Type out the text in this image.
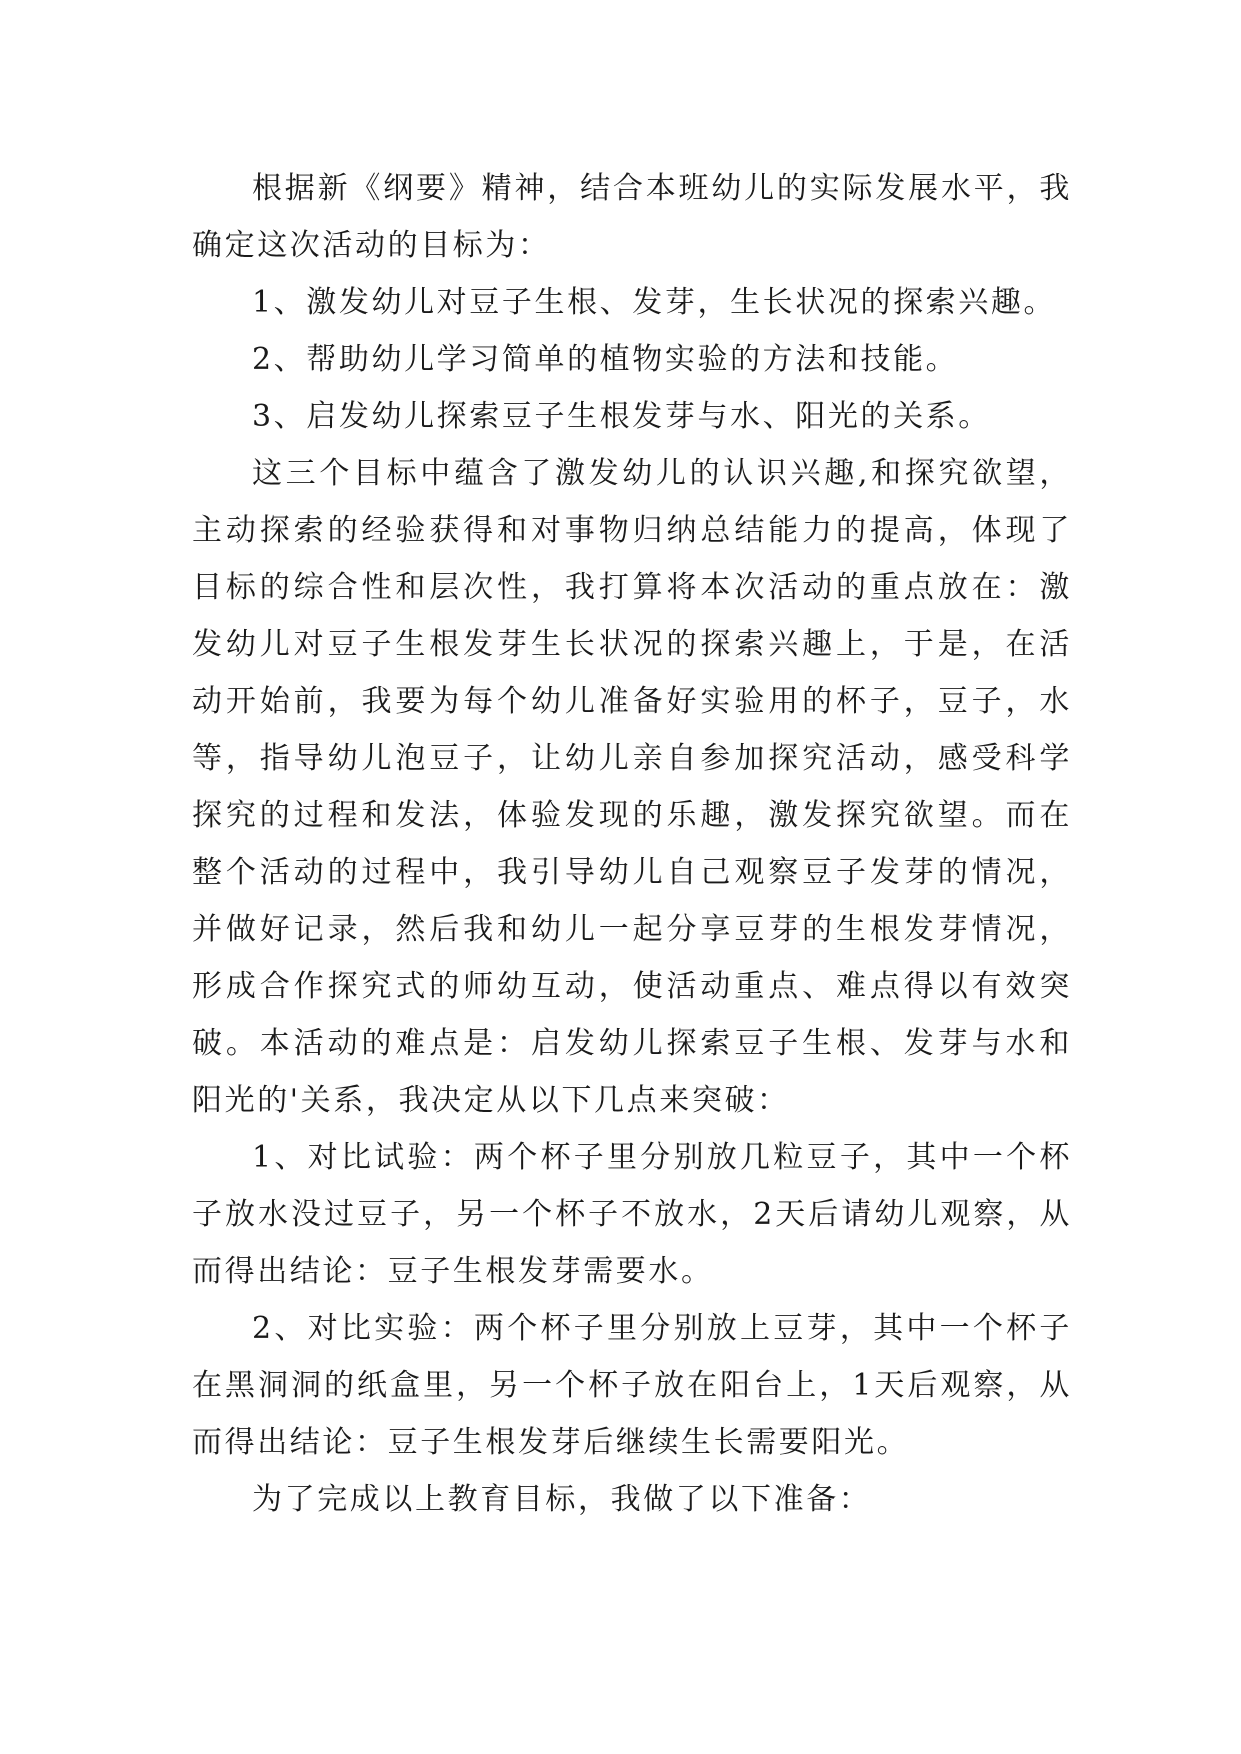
根据新《纲要》精神，结合本班幼儿的实际发展水平，我确定这次活动的目标为：

1、激发幼儿对豆子生根、发芽，生长状况的探索兴趣。

2、帮助幼儿学习简单的植物实验的方法和技能。

3、启发幼儿探索豆子生根发芽与水、阳光的关系。

这三个目标中蕴含了激发幼儿的认识兴趣,和探究欲望，主动探索的经验获得和对事物归纳总结能力的提高，体现了目标的综合性和层次性，我打算将本次活动的重点放在：激发幼儿对豆子生根发芽生长状况的探索兴趣上，于是，在活动开始前，我要为每个幼儿准备好实验用的杯子，豆子，水等，指导幼儿泡豆子，让幼儿亲自参加探究活动，感受科学探究的过程和发法，体验发现的乐趣，激发探究欲望。而在整个活动的过程中，我引导幼儿自己观察豆子发芽的情况，并做好记录，然后我和幼儿一起分享豆芽的生根发芽情况，形成合作探究式的师幼互动，使活动重点、难点得以有效突破。本活动的难点是：启发幼儿探索豆子生根、发芽与水和阳光的'关系，我决定从以下几点来突破：

1、对比试验：两个杯子里分别放几粒豆子，其中一个杯子放水没过豆子，另一个杯子不放水，2天后请幼儿观察，从而得出结论：豆子生根发芽需要水。

2、对比实验：两个杯子里分别放上豆芽，其中一个杯子在黑洞洞的纸盒里，另一个杯子放在阳台上，1天后观察，从而得出结论：豆子生根发芽后继续生长需要阳光。

为了完成以上教育目标，我做了以下准备：
